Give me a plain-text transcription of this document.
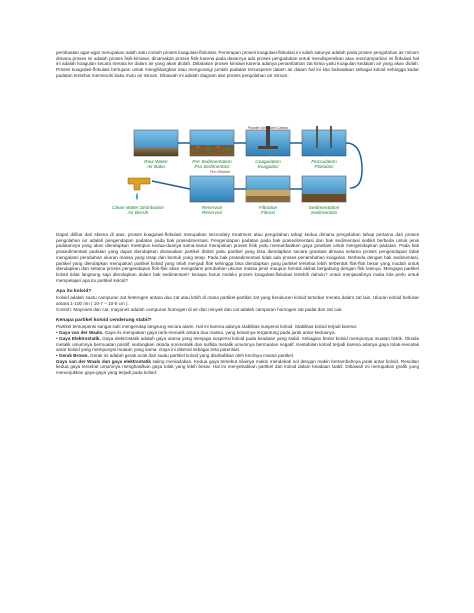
pembuatan agar-agar merupakan salah satu contoh proses koagulasi-flokulasi. Penerapan proses koagulasi-flokulasi ini salah satunya adalah pada proses pengolahan air minum dimana proses ini adalah proses fisik-kimiawi, dinamakan proses fisik karena pada dasarnya ada proses pengadukan untuk mendispersikan atau mencampurkan ini flokulasi hal ini adalah koagulan secara merata ke dalam air yang akan diolah. Dikatakan proses kimiawi karena adanya penambahan zat kimia yaitu koagulan kedalam air yang akan diolah. Proses koagulasi-flokulasi bertujuan untuk menghilangkan atau mengurangi jumlah padatan tersuspensi dalam air dalam hal ini kita bahasakan sebagai koloid sehingga kadar padatan tersebut memenuhi baku mutu air minum. Dibawah ini adalah diagram alur proses pengolahan air minum:

Raw Water
Air Baku
Pre Sedimentation
Pra Sedimentasi
Coagulation
Koagulasi
Flocculation
Flokulasi
Powder Activated Carbon
Clean Water Distribution
Air Bersih
Reservoir
Reservoir
Filtration
Filtrasi
Sedimentation
Sedimentasi
Pre Chlorine

Dapat dilihat dari skema di atas, proses koagulasi-flokulasi merupakan secondary treatment atau pengolahan tahap kedua dimana pengolahan tahap pertama dari proses pengolahan air adalah pengendapan padatan pada bak prasedimentasi. Pengendapan padatan pada bak prasedimentasi dan bak sedimentasi sedikit berbeda untuk jenis padatannya yang akan diendapkan meskipun kedua-duanya sama-sama merupakan proses fisik yaitu memanfaatkan gaya gravitasi untuk mengendapkan padatan. Pada bak prasedimentasi padatan yang dapat diendapkan dinamakan partikel diskrit yaitu partikel yang bisa diendapkan secara gravitasi dimana selama proses pengendapan tidak mengalami perubahan ukuran massa yang tetap dan bentuk yang tetap. Pada bak prasedimentasi tidak ada proses penambahan koagulan. Berbeda dengan bak sedimentasi, partikel yang diendapkan merupakan partikel koloid yang telah menjadi flok sehingga bisa diendapkan yang partikel tersebut lebih terbentuk flok-flok besar yang mudah untuk diendapkan dan selama proses pengendapan flok-flok akan mengalami perubahan ukuran massa jenis maupun bentuk akibat bergabung dengan flok lainnya. Mengapa partikel koloid tidak langsung saja diendapkan dalam bak sedimentasi? kenapa harus melalui proses koagulasi-flokulasi terlebih dahulu? untuk menjawabnya maka kita perlu untuk mempelajari apa itu partikel koloid?

Apa itu koloid?

Koloid adalah suatu campuran zat heterogen antara dua zat atau lebih di mana partikel-partikel zat yang berukuran koloid tersebar merata dalam zat lain. Ukuran koloid berkisar antara 1-100 nm ( 10-7 – 10-5 cm ).

Contoh: Mayones dan cat, mayones adalah campuran homogen di air dan minyak dan cat adalah campuran homogen zat padat dan zat cair.

Kenapa partikel koloid cenderung stabil?

Partikel tersuspensi sangat sulit mengendap langsung secara alami. Hal ini karena adanya stabilitas suspensi koloid. Stabilitas koloid terjadi karena:

• Gaya van der Waals. Gaya ini merupakan gaya tarik-menarik antara dua massa, yang besarnya tergantung pada jarak antar keduanya.

• Gaya Elektrostatik. Gaya elektrostatik adalah gaya utama yang menjaga suspensi koloid pada keadaan yang stabil. Sebagian besar koloid mempunyai muatan listrik. Oksida metalik umumnya bermuatan positif, sedangkan oksida nonmetalik dan sulfida metalik umumnya bermuatan negatif. Kestabilan koloid terjadi karena adanya gaya tolak-menolak antar koloid yang mempunyai muatan yang sama. Gaya ini dikenal sebagai zeta potensial.

• Gerak Brown. Gerak ini adalah gerak acak dari suatu partikel koloid yang disebabkan oleh kecilnya massa partikel.

Gaya van der Waals dan gaya elektrostatik saling meniadakan. Kedua gaya tersebut nilainya makin mendekati nol dengan makin bertambahnya jarak antar koloid. Resultan kedua gaya tersebut umumnya menghasilkan gaya tolak yang lebih besar. Hal ini menyebabkan partikel dan koloid dalam keadaan stabil. Dibawah ini merupakan grafik yang menunjukkan gaya-gaya yang terjadi pada koloid:
